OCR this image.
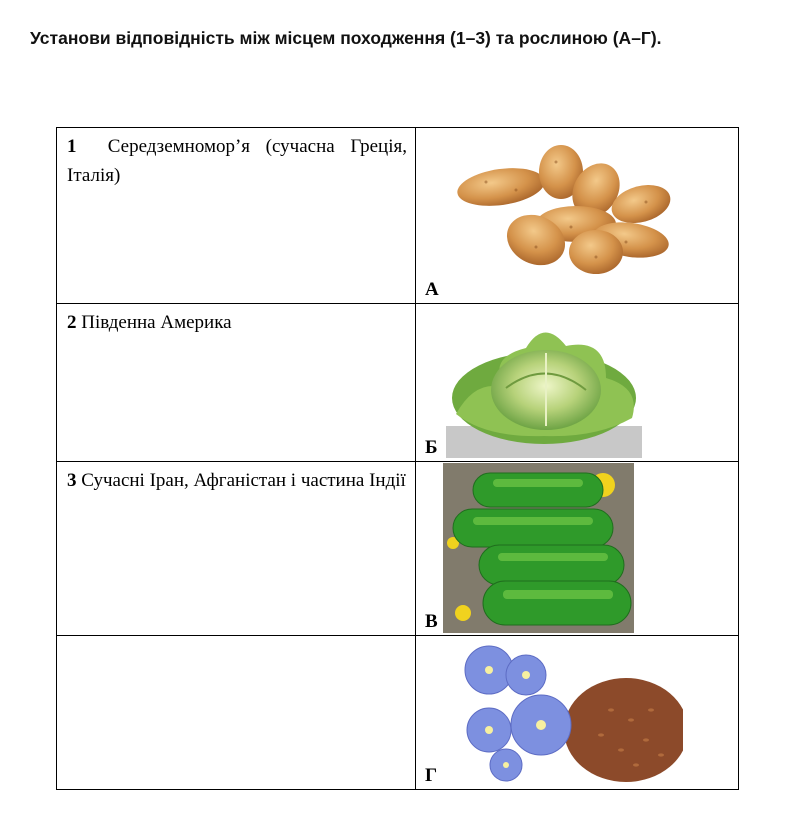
Установи відповідність між місцем походження (1–3) та рослиною (А–Г).

1 Середземномор’я (сучасна Греція, Італія)	А

2 Південна Америка	Б

3 Сучасні Іран, Афганістан і частина Індії	В

	Г
